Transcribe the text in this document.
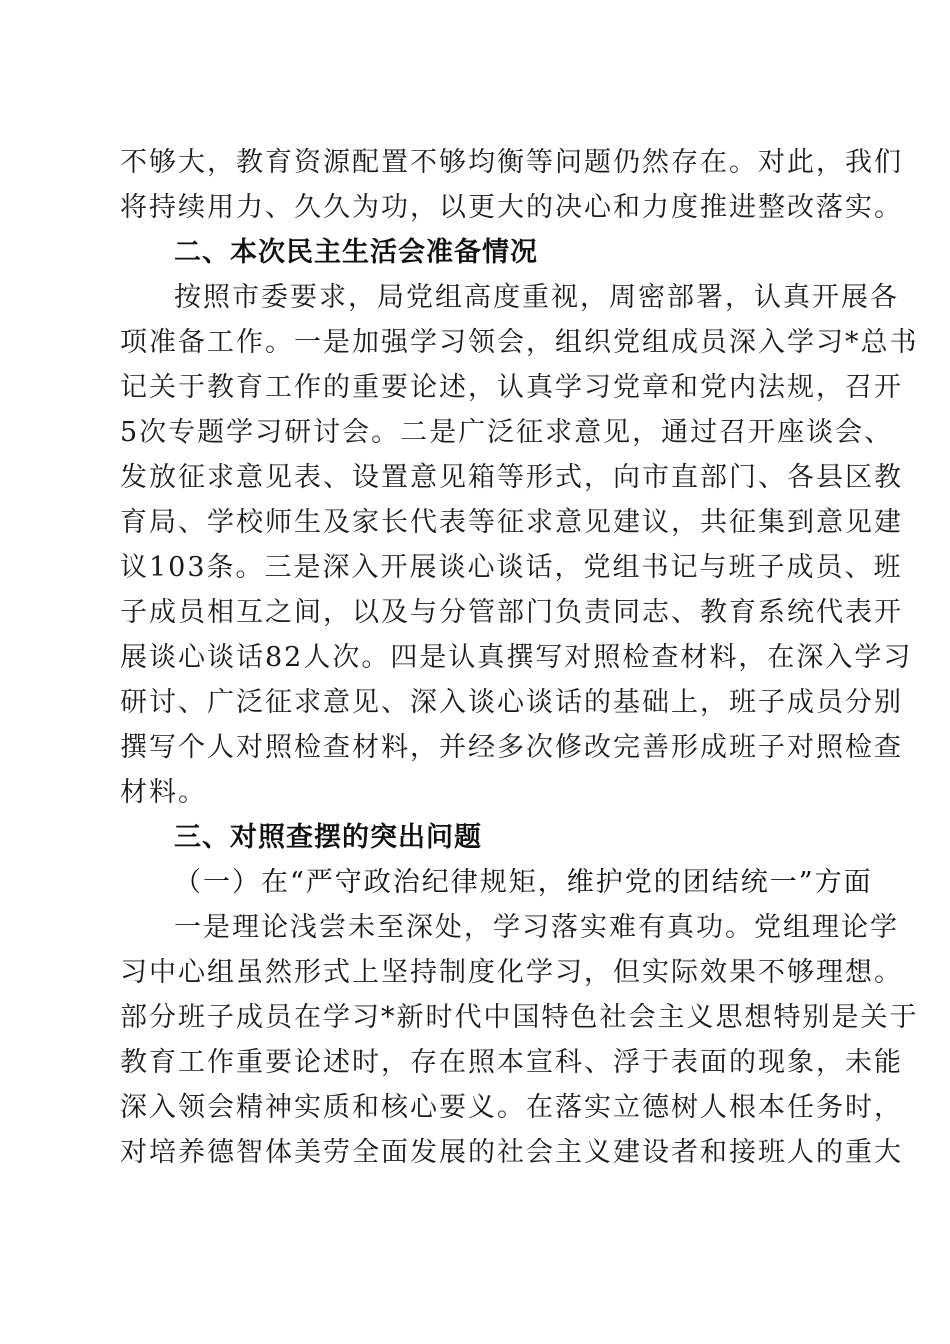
不够大，教育资源配置不够均衡等问题仍然存在。对此，我们
将持续用力、久久为功，以更大的决心和力度推进整改落实。
二、本次民主生活会准备情况
按照市委要求，局党组高度重视，周密部署，认真开展各
项准备工作。一是加强学习领会，组织党组成员深入学习*总书
记关于教育工作的重要论述，认真学习党章和党内法规，召开
5次专题学习研讨会。二是广泛征求意见，通过召开座谈会、
发放征求意见表、设置意见箱等形式，向市直部门、各县区教
育局、学校师生及家长代表等征求意见建议，共征集到意见建
议103条。三是深入开展谈心谈话，党组书记与班子成员、班
子成员相互之间，以及与分管部门负责同志、教育系统代表开
展谈心谈话82人次。四是认真撰写对照检查材料，在深入学习
研讨、广泛征求意见、深入谈心谈话的基础上，班子成员分别
撰写个人对照检查材料，并经多次修改完善形成班子对照检查
材料。
三、对照查摆的突出问题
（一）在“严守政治纪律规矩，维护党的团结统一”方面
一是理论浅尝未至深处，学习落实难有真功。党组理论学
习中心组虽然形式上坚持制度化学习，但实际效果不够理想。
部分班子成员在学习*新时代中国特色社会主义思想特别是关于
教育工作重要论述时，存在照本宣科、浮于表面的现象，未能
深入领会精神实质和核心要义。在落实立德树人根本任务时，
对培养德智体美劳全面发展的社会主义建设者和接班人的重大
